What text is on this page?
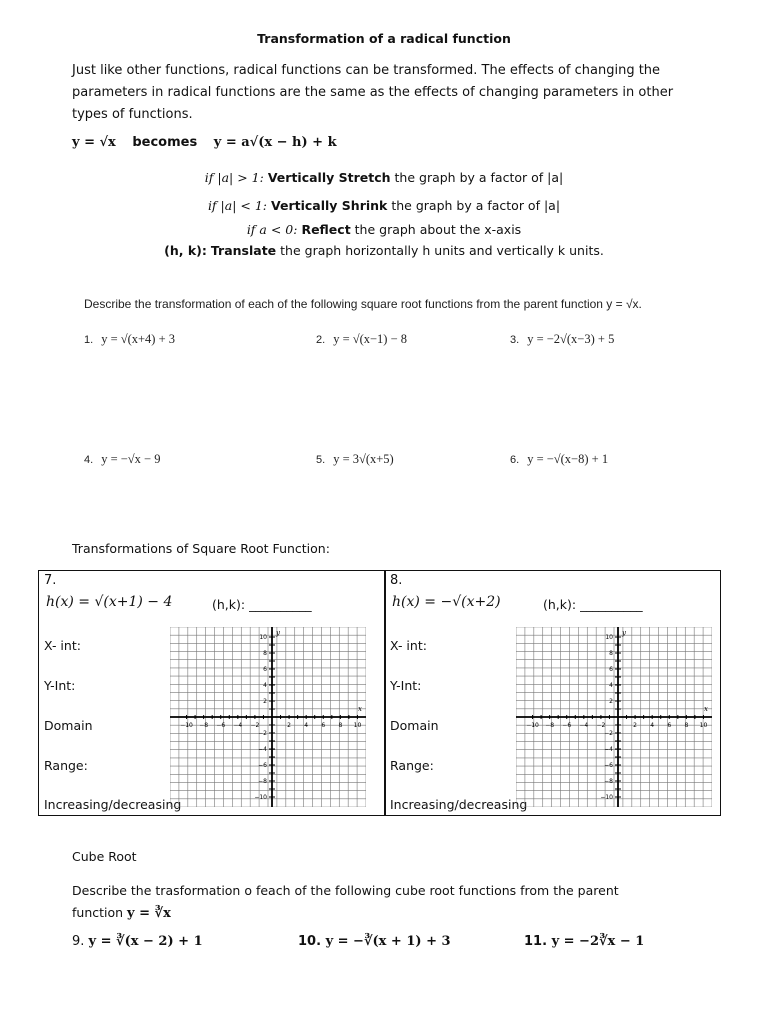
Transformation of a radical function
Just like other functions, radical functions can be transformed. The effects of changing the parameters in radical functions are the same as the effects of changing parameters in other types of functions.
y = √x becomes y = a√(x − h) + k
if |a| > 1: Vertically Stretch the graph by a factor of |a|
if |a| < 1: Vertically Shrink the graph by a factor of |a|
if a < 0: Reflect the graph about the x-axis
(h, k): Translate the graph horizontally h units and vertically k units.
Describe the transformation of each of the following square root functions from the parent function y = √x.
1. y = √(x+4) + 3	2. y = √(x−1) − 8	3. y = −2√(x−3) + 5
4. y = −√x − 9	5. y = 3√(x+5)	6. y = −√(x−8) + 1
Transformations of Square Root Function:
7.
h(x) = √(x+1) − 4	(h,k): __________
X- int:
Y-Int:
Domain
Range:
Increasing/decreasing
−10 −8 −6 −4 −2	2 4 6 8 10
10
8
6
4
2
−2
−4
−6
−8
−10
x
y
8.
h(x) = −√(x+2)	(h,k): __________
X- int:
Y-Int:
Domain
Range:
Increasing/decreasing
−10 −8 −6 −4 −2	2 4 6 8 10
10
8
6
4
2
−2
−4
−6
−8
−10
x
y
Cube Root
Describe the trasformation o feach of the following cube root functions from the parent function y = ∛x
9. y = ∛(x − 2) + 1	10. y = −∛(x + 1) + 3	11. y = −2∛x − 1
